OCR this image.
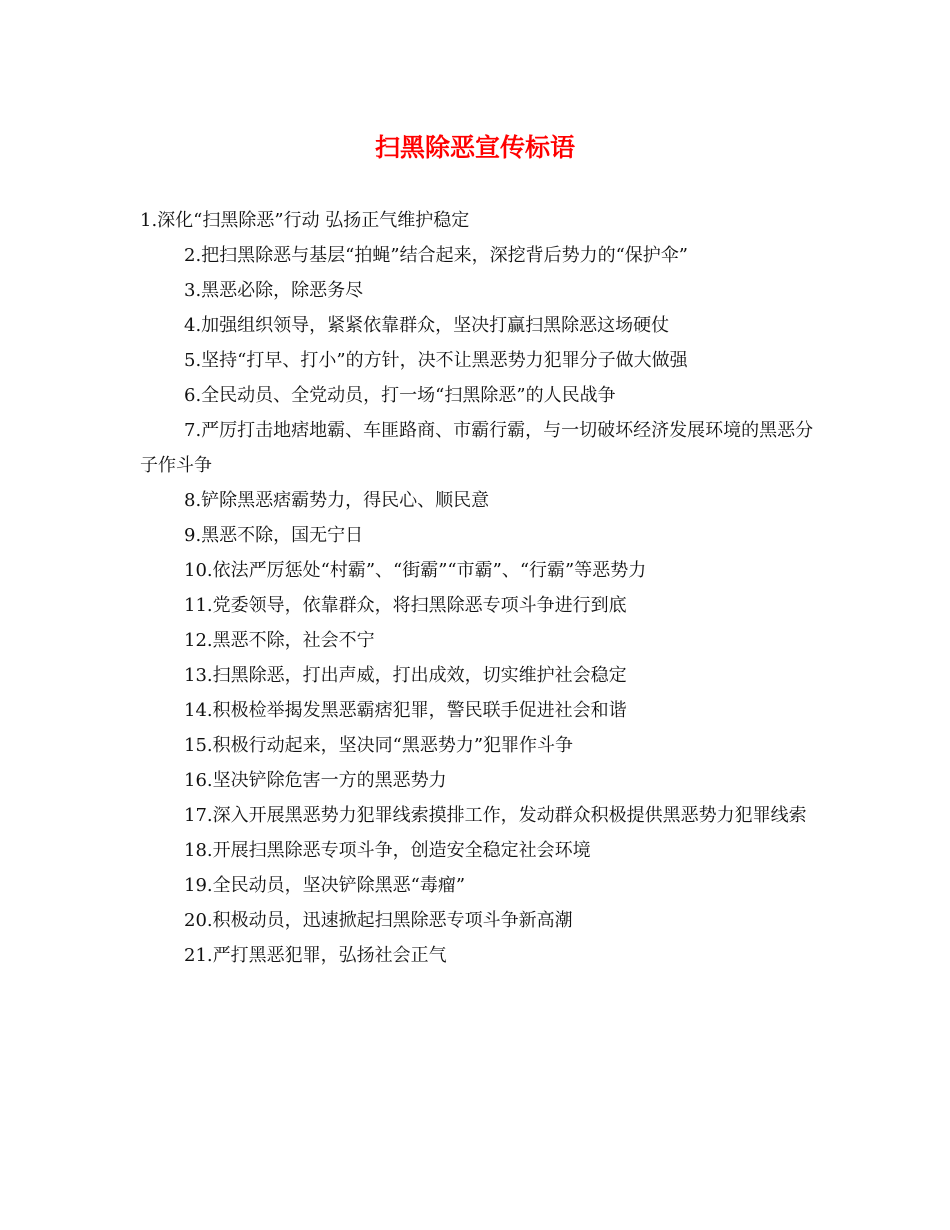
扫黑除恶宣传标语

1.深化“扫黑除恶”行动 弘扬正气维护稳定

2.把扫黑除恶与基层“拍蝇”结合起来，深挖背后势力的“保护伞”

3.黑恶必除，除恶务尽

4.加强组织领导，紧紧依靠群众，坚决打赢扫黑除恶这场硬仗

5.坚持“打早、打小”的方针，决不让黑恶势力犯罪分子做大做强

6.全民动员、全党动员，打一场“扫黑除恶”的人民战争

7.严厉打击地痞地霸、车匪路商、市霸行霸，与一切破坏经济发展环境的黑恶分子作斗争

8.铲除黑恶痞霸势力，得民心、顺民意

9.黑恶不除，国无宁日

10.依法严厉惩处“村霸”、“街霸”“市霸”、“行霸”等恶势力

11.党委领导，依靠群众，将扫黑除恶专项斗争进行到底

12.黑恶不除，社会不宁

13.扫黑除恶，打出声威，打出成效，切实维护社会稳定

14.积极检举揭发黑恶霸痞犯罪，警民联手促进社会和谐

15.积极行动起来，坚决同“黑恶势力”犯罪作斗争

16.坚决铲除危害一方的黑恶势力

17.深入开展黑恶势力犯罪线索摸排工作，发动群众积极提供黑恶势力犯罪线索

18.开展扫黑除恶专项斗争，创造安全稳定社会环境

19.全民动员，坚决铲除黑恶“毒瘤”

20.积极动员，迅速掀起扫黑除恶专项斗争新高潮

21.严打黑恶犯罪，弘扬社会正气
